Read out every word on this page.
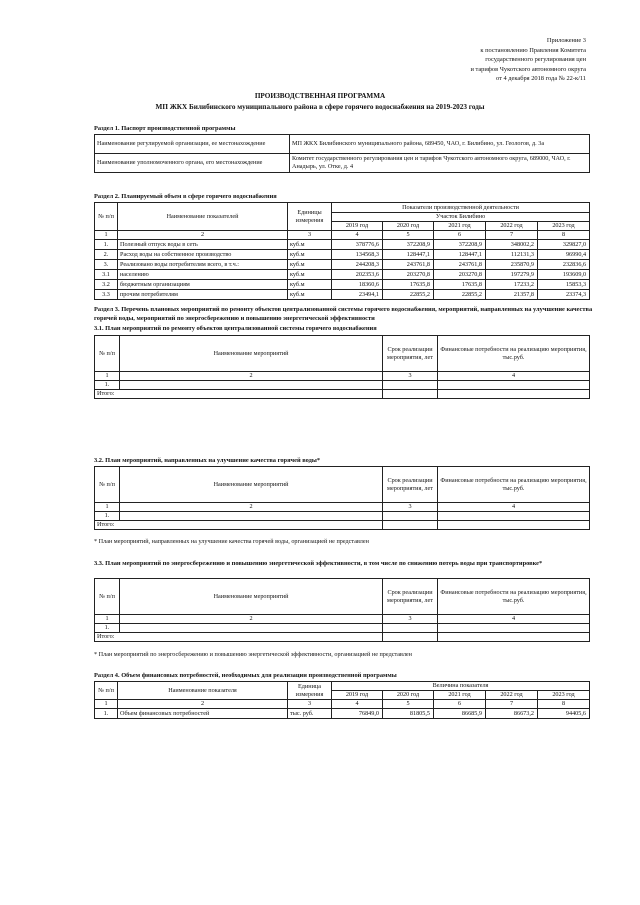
Приложение 3
к постановлению Правления Комитета
государственного регулирования цен
и тарифов Чукотского автономного округа
от 4 декабря 2018 года № 22-к/11
ПРОИЗВОДСТВЕННАЯ ПРОГРАММА
МП ЖКХ Билибинского муниципального района в сфере горячего водоснабжения на 2019-2023 годы
Раздел 1. Паспорт производственной программы
Наименование регулируемой организации, ее местонахождение	МП ЖКХ Билибинского муниципального района, 689450, ЧАО, г. Билибино, ул. Геологов, д. 3а
Наименование уполномоченного органа, его местонахождение	Комитет государственного регулирования цен и тарифов Чукотского автономного округа, 689000, ЧАО, г. Анадырь, ул. Отке, д. 4
Раздел 2. Планируемый объем в сфере горячего водоснабжения
№ п/п	Наименование показателей	Единицы измерения	Показатели производственной деятельности				
			Участок Билибино				
			2019 год	2020 год	2021 год	2022 год	2023 год
1	2	3	4	5	6	7	8
1.	Полезный отпуск воды в сеть	куб.м	378776,6	372208,9	372208,9	348002,2	329827,0
2.	Расход воды на собственное производство	куб.м	134568,3	128447,1	128447,1	112131,3	96990,4
3.	Реализовано воды потребителям всего, в т.ч.:	куб.м	244208,3	243761,8	243761,8	235870,9	232836,6
3.1	населению	куб.м	202353,6	203270,8	203270,8	197279,9	193609,0
3.2	бюджетным организациям	куб.м	18360,6	17635,8	17635,8	17233,2	15853,3
3.3	прочим потребителям	куб.м	23494,1	22855,2	22855,2	21357,8	23374,3
Раздел 3. Перечень плановых мероприятий по ремонту объектов централизованной системы горячего водоснабжения, мероприятий, направленных на улучшение качества горячей воды, мероприятий по энергосбережению и повышению энергетической эффективности
3.1. План мероприятий по ремонту объектов централизованной системы горячего водоснабжения
№ п/п	Наименование мероприятий	Срок реализации мероприятия, лет	Финансовые потребности на реализацию мероприятия, тыс.руб.
1	2	3	4
1.			
Итого:			
3.2. План мероприятий, направленных на улучшение качества горячей воды*
№ п/п	Наименование мероприятий	Срок реализации мероприятия, лет	Финансовые потребности на реализацию мероприятия, тыс.руб.
1	2	3	4
1.			
Итого:			
* План мероприятий, направленных на улучшение качества горячей воды, организацией не представлен
3.3. План мероприятий по энергосбережению и повышению энергетической эффективности, в том числе по снижению потерь воды при транспортировке*
№ п/п	Наименование мероприятий	Срок реализации мероприятия, лет	Финансовые потребности на реализацию мероприятия, тыс.руб.
1	2	3	4
1.			
Итого:			
* План мероприятий по энергосбережению и повышению энергетической эффективности, организацией не представлен
Раздел 4. Объем финансовых потребностей, необходимых для реализации производственной программы
№ п/п	Наименование показателя	Единица измерения	Величина показателя				
			2019 год	2020 год	2021 год	2022 год	2023 год
1	2	3	4	5	6	7	8
1.	Объем финансовых потребностей	тыс. руб.	76849,0	81805,5	86685,9	86673,2	94405,6
